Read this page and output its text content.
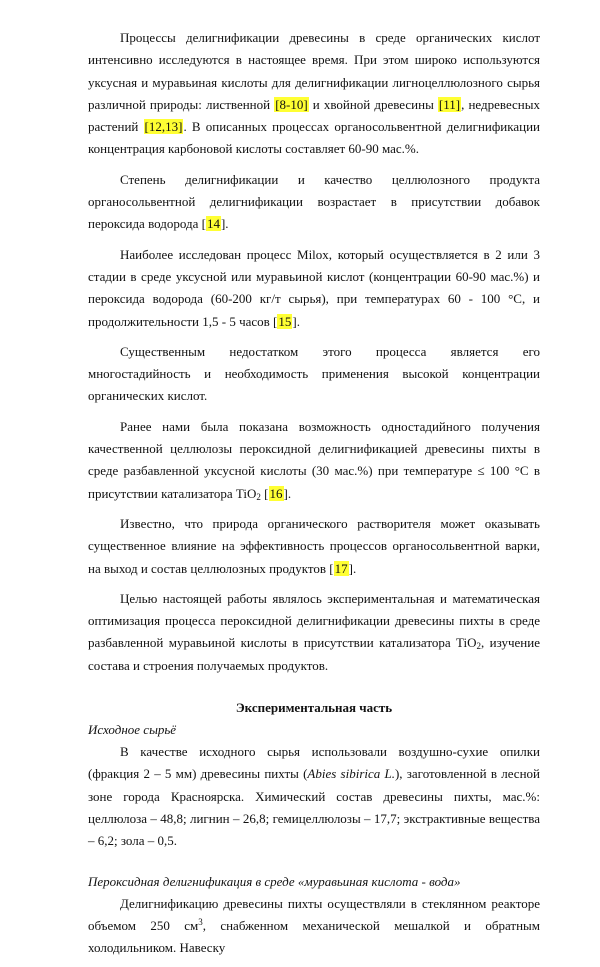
Процессы делигнификации древесины в среде органических кислот интенсивно исследуются в настоящее время. При этом широко используются уксусная и муравьиная кислоты для делигнификации лигноцеллюлозного сырья различной природы: лиственной [8-10] и хвойной древесины [11], недревесных растений [12,13]. В описанных процессах органосольвентной делигнификации концентрация карбоновой кислоты составляет 60-90 мас.%.

Степень делигнификации и качество целлюлозного продукта органосольвентной делигнификации возрастает в присутствии добавок пероксида водорода [14].

Наиболее исследован процесс Milox, который осуществляется в 2 или 3 стадии в среде уксусной или муравьиной кислот (концентрации 60-90 мас.%) и пероксида водорода (60-200 кг/т сырья), при температурах 60 - 100 °С, и продолжительности 1,5 - 5 часов [15].

Существенным недостатком этого процесса является его многостадийность и необходимость применения высокой концентрации органических кислот.

Ранее нами была показана возможность одностадийного получения качественной целлюлозы пероксидной делигнификацией древесины пихты в среде разбавленной уксусной кислоты (30 мас.%) при температуре ≤ 100 °С в присутствии катализатора TiO$_2$ [16].

Известно, что природа органического растворителя может оказывать существенное влияние на эффективность процессов органосольвентной варки, на выход и состав целлюлозных продуктов [17].

Целью настоящей работы являлось экспериментальная и математическая оптимизация процесса пероксидной делигнификации древесины пихты в среде разбавленной муравьиной кислоты в присутствии катализатора TiO$_2$, изучение состава и строения получаемых продуктов.

Экспериментальная часть
Исходное сырьё

В качестве исходного сырья использовали воздушно-сухие опилки (фракция 2 – 5 мм) древесины пихты (Abies sibirica L.), заготовленной в лесной зоне города Красноярска. Химический состав древесины пихты, мас.%: целлюлоза – 48,8; лигнин – 26,8; гемицеллюлозы – 17,7; экстрактивные вещества – 6,2; зола – 0,5.

Пероксидная делигнификация в среде «муравьиная кислота - вода»

Делигнификацию древесины пихты осуществляли в стеклянном реакторе объемом 250 $см^3$, снабженном механической мешалкой и обратным холодильником. Навеску
